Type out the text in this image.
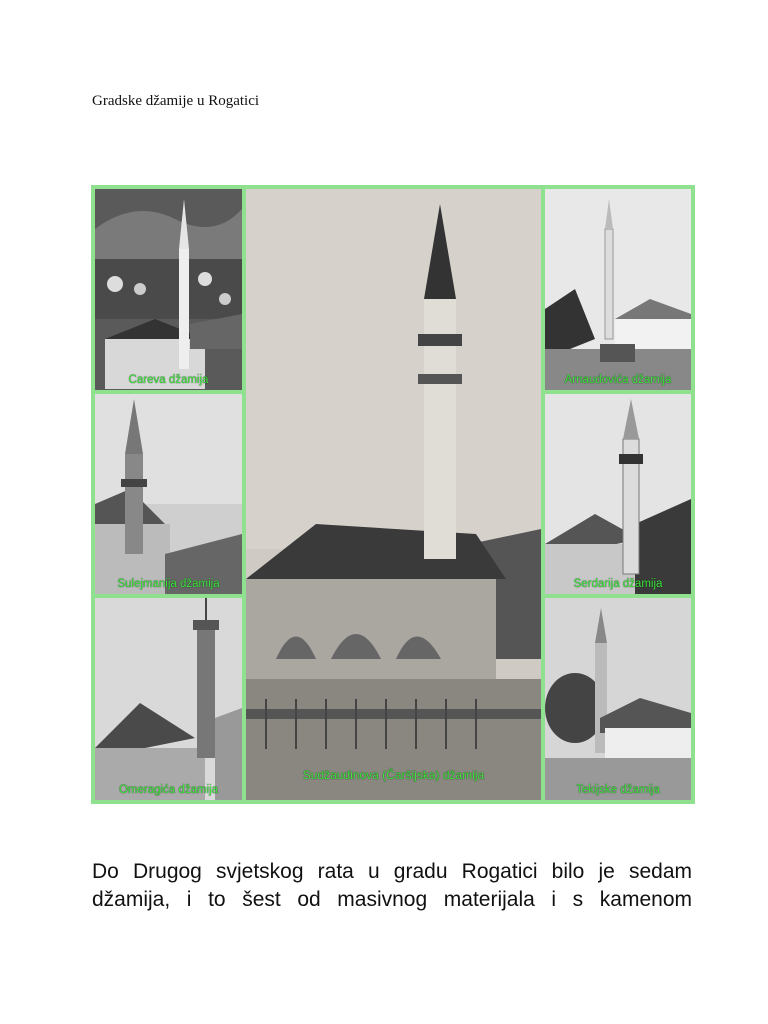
Gradske džamije u Rogatici
Careva džamija
Sulejmanija džamija
Omeragića džamija
Sudžaudinova (Čaršijska) džamija
Arnaudovića džamija
Serdarija džamija
Tekijske džamija
Do Drugog svjetskog rata u gradu Rogatici bilo je sedam
džamija, i to šest od masivnog materijala i s kamenom
